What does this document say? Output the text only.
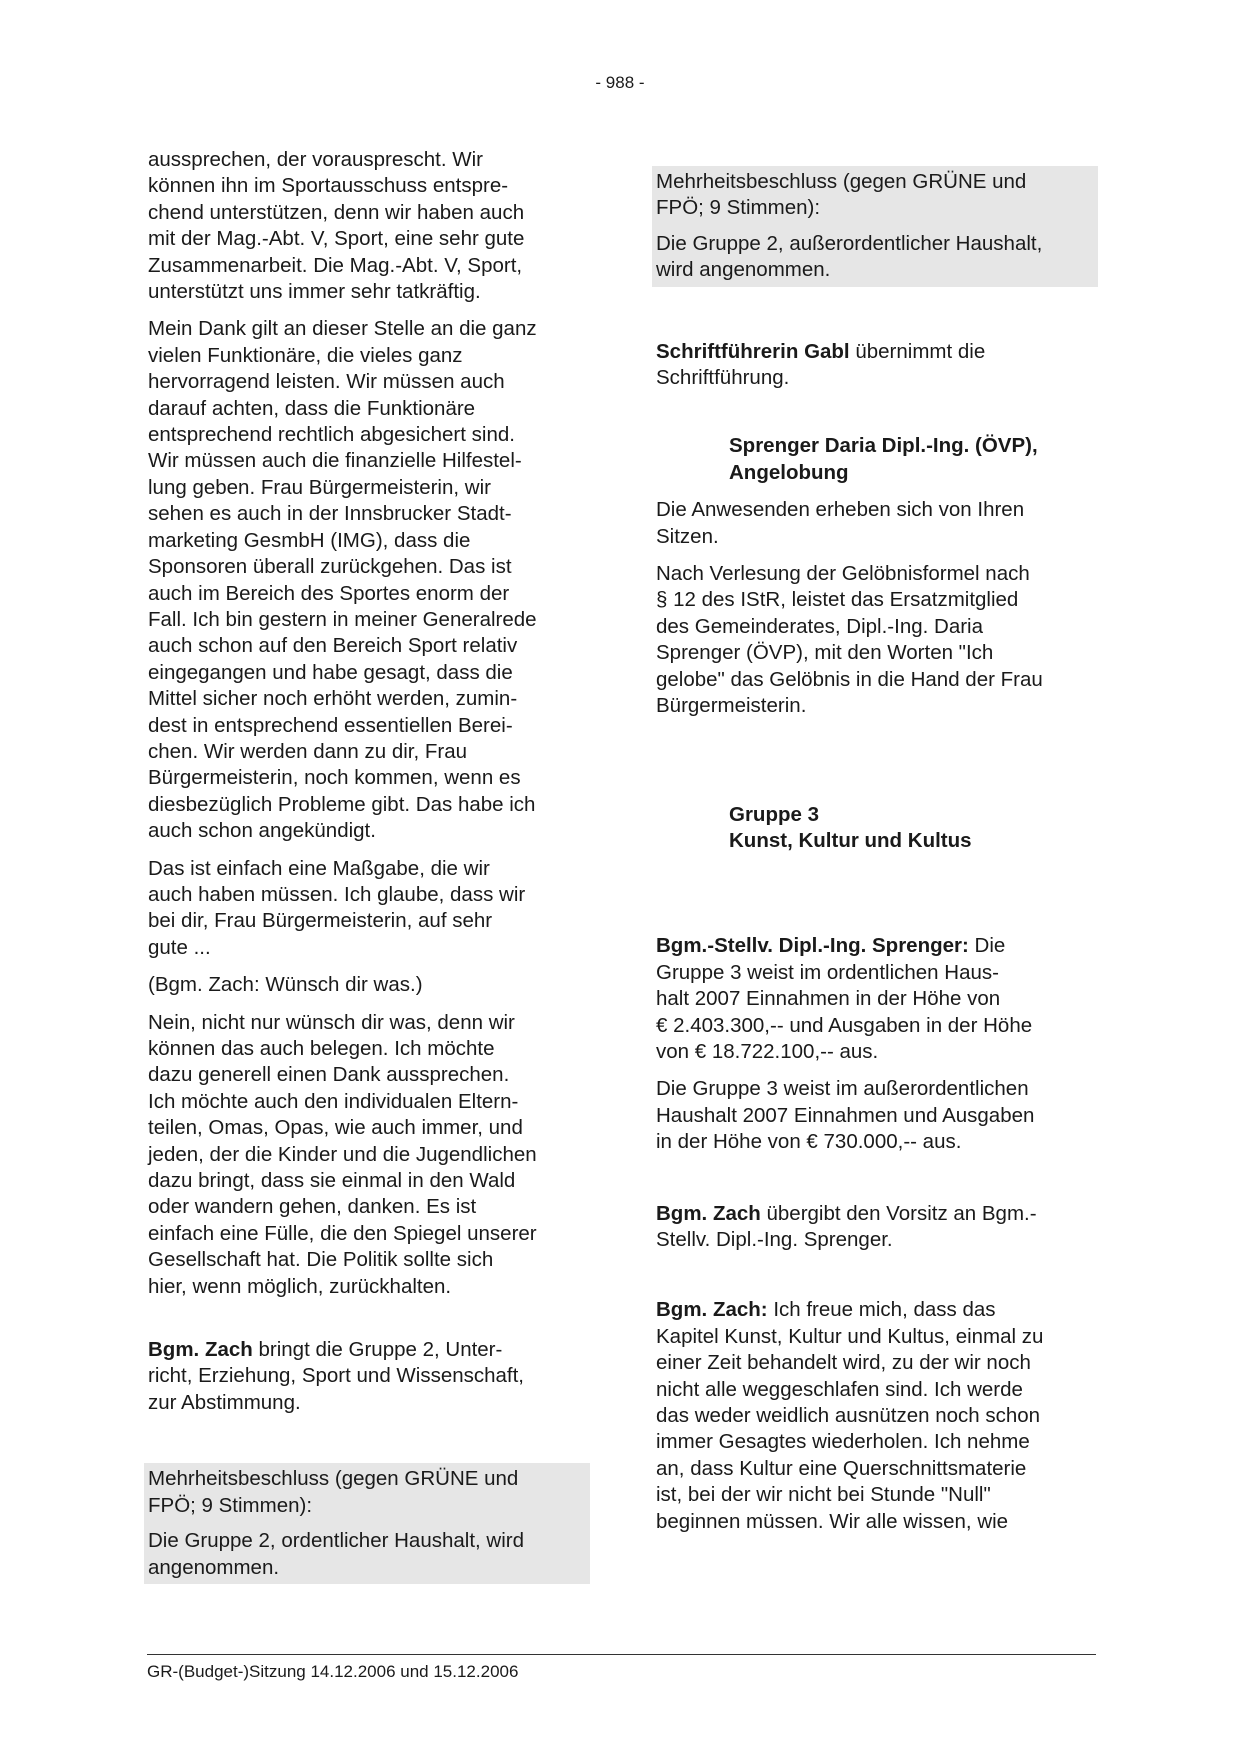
- 988 -

aussprechen, der vorausprescht. Wir
können ihn im Sportausschuss entspre-
chend unterstützen, denn wir haben auch
mit der Mag.-Abt. V, Sport, eine sehr gute
Zusammenarbeit. Die Mag.-Abt. V, Sport,
unterstützt uns immer sehr tatkräftig.

Mein Dank gilt an dieser Stelle an die ganz
vielen Funktionäre, die vieles ganz
hervorragend leisten. Wir müssen auch
darauf achten, dass die Funktionäre
entsprechend rechtlich abgesichert sind.
Wir müssen auch die finanzielle Hilfestel-
lung geben. Frau Bürgermeisterin, wir
sehen es auch in der Innsbrucker Stadt-
marketing GesmbH (IMG), dass die
Sponsoren überall zurückgehen. Das ist
auch im Bereich des Sportes enorm der
Fall. Ich bin gestern in meiner Generalrede
auch schon auf den Bereich Sport relativ
eingegangen und habe gesagt, dass die
Mittel sicher noch erhöht werden, zumin-
dest in entsprechend essentiellen Berei-
chen. Wir werden dann zu dir, Frau
Bürgermeisterin, noch kommen, wenn es
diesbezüglich Probleme gibt. Das habe ich
auch schon angekündigt.

Das ist einfach eine Maßgabe, die wir
auch haben müssen. Ich glaube, dass wir
bei dir, Frau Bürgermeisterin, auf sehr
gute ...

(Bgm. Zach: Wünsch dir was.)

Nein, nicht nur wünsch dir was, denn wir
können das auch belegen. Ich möchte
dazu generell einen Dank aussprechen.
Ich möchte auch den individualen Eltern-
teilen, Omas, Opas, wie auch immer, und
jeden, der die Kinder und die Jugendlichen
dazu bringt, dass sie einmal in den Wald
oder wandern gehen, danken. Es ist
einfach eine Fülle, die den Spiegel unserer
Gesellschaft hat. Die Politik sollte sich
hier, wenn möglich, zurückhalten.

Bgm. Zach bringt die Gruppe 2, Unter-
richt, Erziehung, Sport und Wissenschaft,
zur Abstimmung.

Mehrheitsbeschluss (gegen GRÜNE und
FPÖ; 9 Stimmen):

Die Gruppe 2, ordentlicher Haushalt, wird
angenommen.

Mehrheitsbeschluss (gegen GRÜNE und
FPÖ; 9 Stimmen):

Die Gruppe 2, außerordentlicher Haushalt,
wird angenommen.

Schriftführerin Gabl übernimmt die
Schriftführung.

Sprenger Daria Dipl.-Ing. (ÖVP),
Angelobung

Die Anwesenden erheben sich von Ihren
Sitzen.

Nach Verlesung der Gelöbnisformel nach
§ 12 des IStR, leistet das Ersatzmitglied
des Gemeinderates, Dipl.-Ing. Daria
Sprenger (ÖVP), mit den Worten "Ich
gelobe" das Gelöbnis in die Hand der Frau
Bürgermeisterin.

Gruppe 3
Kunst, Kultur und Kultus

Bgm.-Stellv. Dipl.-Ing. Sprenger: Die
Gruppe 3 weist im ordentlichen Haus-
halt 2007 Einnahmen in der Höhe von
€ 2.403.300,-- und Ausgaben in der Höhe
von € 18.722.100,-- aus.

Die Gruppe 3 weist im außerordentlichen
Haushalt 2007 Einnahmen und Ausgaben
in der Höhe von € 730.000,-- aus.

Bgm. Zach übergibt den Vorsitz an Bgm.-
Stellv. Dipl.-Ing. Sprenger.

Bgm. Zach: Ich freue mich, dass das
Kapitel Kunst, Kultur und Kultus, einmal zu
einer Zeit behandelt wird, zu der wir noch
nicht alle weggeschlafen sind. Ich werde
das weder weidlich ausnützen noch schon
immer Gesagtes wiederholen. Ich nehme
an, dass Kultur eine Querschnittsmaterie
ist, bei der wir nicht bei Stunde "Null"
beginnen müssen. Wir alle wissen, wie

GR-(Budget-)Sitzung 14.12.2006 und 15.12.2006
